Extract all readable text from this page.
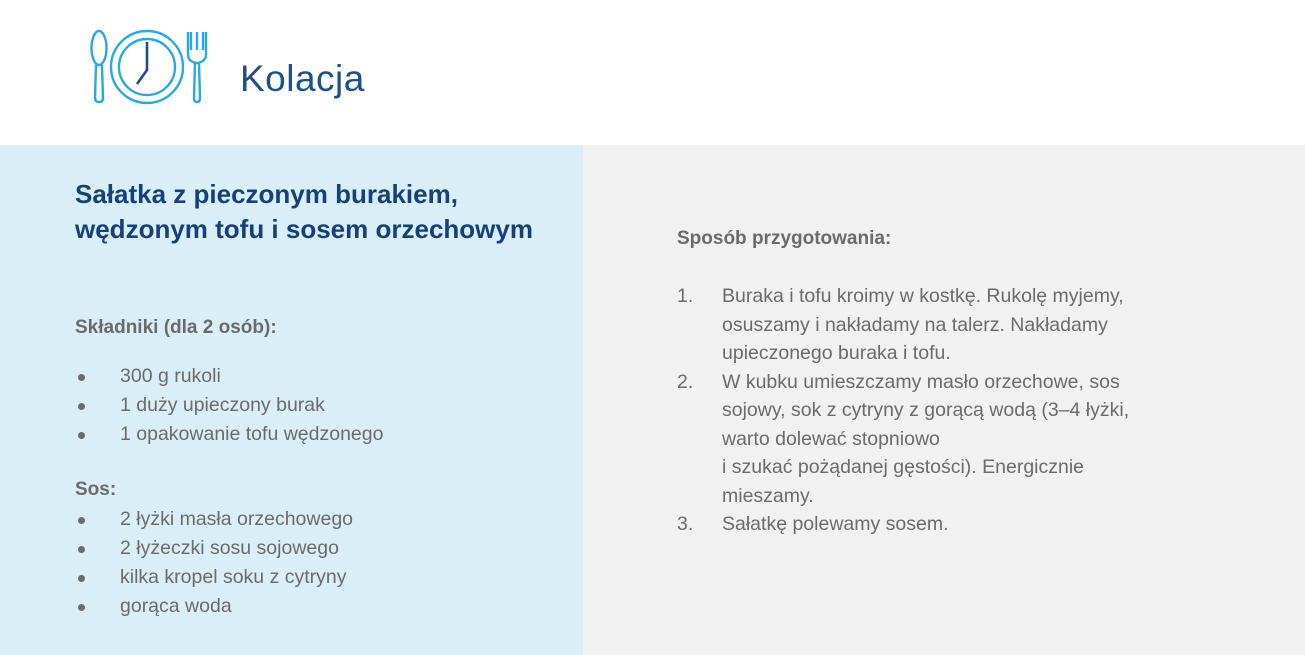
Kolacja
Sałatka z pieczonym burakiem, wędzonym tofu i sosem orzechowym
Składniki (dla 2 osób):
300 g rukoli
1 duży upieczony burak
1 opakowanie tofu wędzonego
Sos:
2 łyżki masła orzechowego
2 łyżeczki sosu sojowego
kilka kropel soku z cytryny
gorąca woda
Sposób przygotowania:
1. Buraka i tofu kroimy w kostkę. Rukolę myjemy,
osuszamy i nakładamy na talerz. Nakładamy
upieczonego buraka i tofu.
2. W kubku umieszczamy masło orzechowe, sos
sojowy, sok z cytryny z gorącą wodą (3–4 łyżki,
warto dolewać stopniowo
i szukać pożądanej gęstości). Energicznie
mieszamy.
3. Sałatkę polewamy sosem.
